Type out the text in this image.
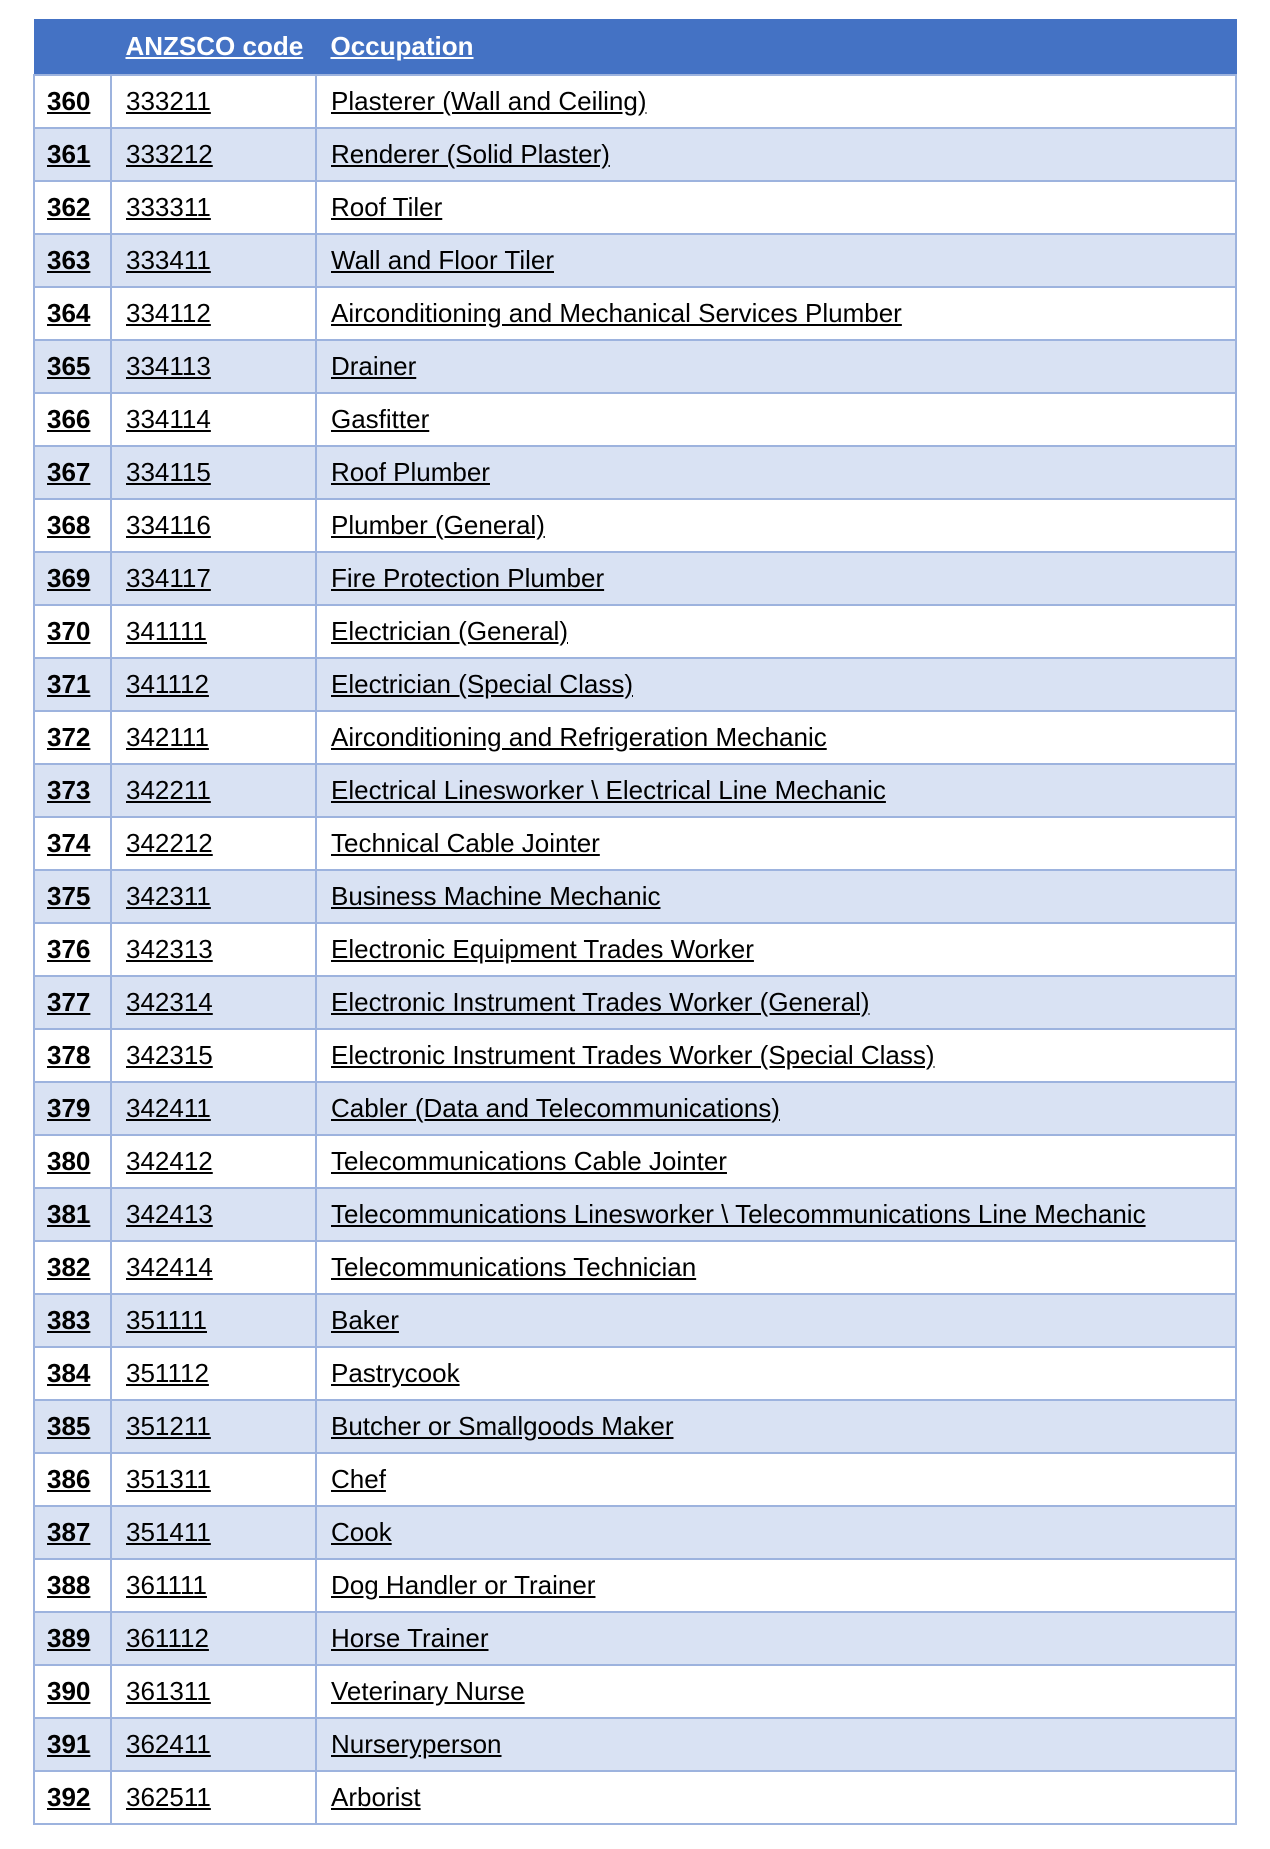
	ANZSCO code	Occupation
360	333211	Plasterer (Wall and Ceiling)
361	333212	Renderer (Solid Plaster)
362	333311	Roof Tiler
363	333411	Wall and Floor Tiler
364	334112	Airconditioning and Mechanical Services Plumber
365	334113	Drainer
366	334114	Gasfitter
367	334115	Roof Plumber
368	334116	Plumber (General)
369	334117	Fire Protection Plumber
370	341111	Electrician (General)
371	341112	Electrician (Special Class)
372	342111	Airconditioning and Refrigeration Mechanic
373	342211	Electrical Linesworker \ Electrical Line Mechanic
374	342212	Technical Cable Jointer
375	342311	Business Machine Mechanic
376	342313	Electronic Equipment Trades Worker
377	342314	Electronic Instrument Trades Worker (General)
378	342315	Electronic Instrument Trades Worker (Special Class)
379	342411	Cabler (Data and Telecommunications)
380	342412	Telecommunications Cable Jointer
381	342413	Telecommunications Linesworker \ Telecommunications Line Mechanic
382	342414	Telecommunications Technician
383	351111	Baker
384	351112	Pastrycook
385	351211	Butcher or Smallgoods Maker
386	351311	Chef
387	351411	Cook
388	361111	Dog Handler or Trainer
389	361112	Horse Trainer
390	361311	Veterinary Nurse
391	362411	Nurseryperson
392	362511	Arborist
